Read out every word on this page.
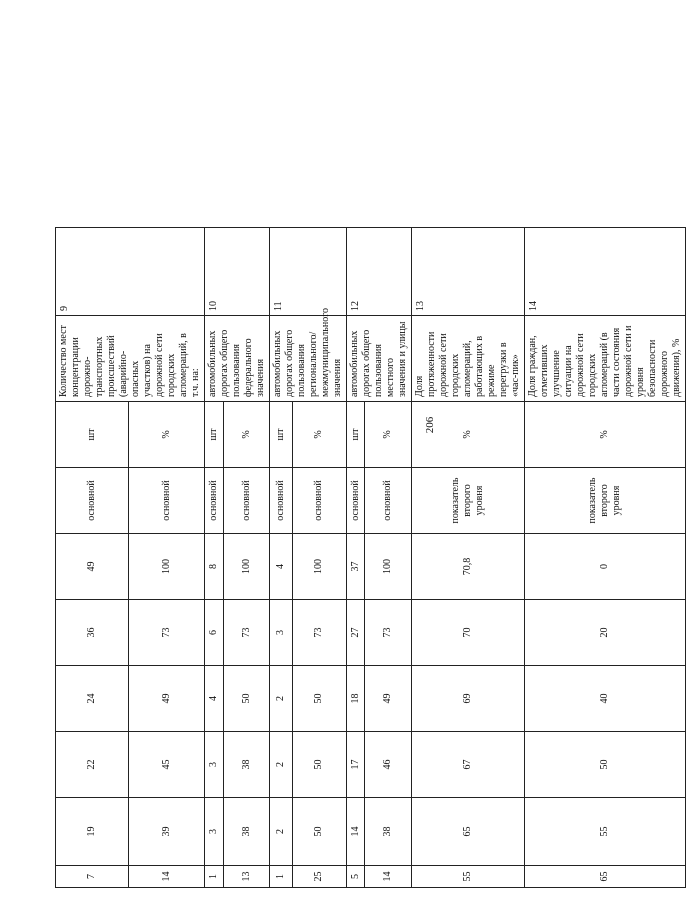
206
7	19	22	24	36	49	основной	шт	Количество мест концентрации дорожно-транспортных происшествий (аварийно-опасных участков) на дорожной сети городских агломераций, в т.ч. на:	9
14	39	45	49	73	100	основной	%		
1	3	3	4	6	8	основной	шт	автомобильных дорогах общего пользования федерального значения	10
13	38	38	50	73	100	основной	%		
1	2	2	2	3	4	основной	шт	автомобильных дорогах общего пользования регионального/ межмуниципального значения	11
25	50	50	50	73	100	основной	%		
5	14	17	18	27	37	основной	шт	автомобильных дорогах общего пользования местного значения и улицы	12
14	38	46	49	73	100	основной	%		
55	65	67	69	70	70,8	показатель второго уровня	%	Доля протяженности дорожной сети городских агломераций, работающих в режиме перегрузки в «час-пик»	13
65	55	50	40	20	0	показатель второго уровня	%	Доля граждан, отметивших улучшение ситуации на дорожной сети городских агломераций (в части состояния дорожной сети и уровня безопасности дорожного движения), %	14
